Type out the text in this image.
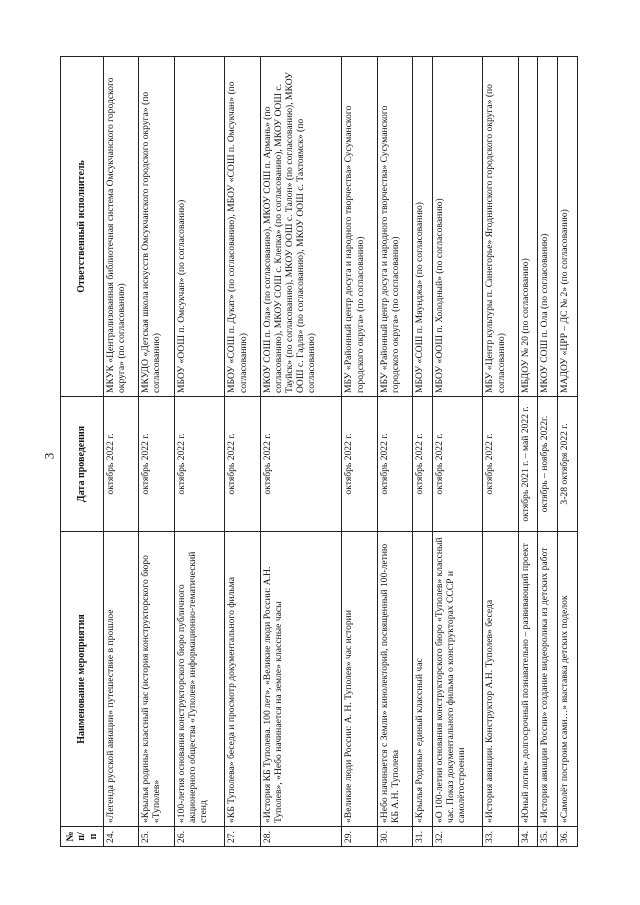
3
№ п/п	Наименование мероприятия	Дата проведения	Ответственный исполнитель
24.	«Легенда русской авиации» путешествие в прошлое	октябрь 2022 г.	МКУК «Централизованная библиотечная система Омсукчанского городского округа» (по согласованию)
25.	«Крылья родины» классный час (история конструкторского бюро «Туполев»	октябрь 2022 г.	МКУДО «Детская школа искусств Омсукчанского городского округа» (по согласованию)
26.	«100-летия основания конструкторского бюро публичного акционерного общества «Туполев» информационно-тематический стенд	октябрь 2022 г.	МБОУ «ООШ п. Омсукчан» (по согласованию)
27.	«КБ Туполева» беседа и просмотр документального фильма	октябрь 2022 г.	МБОУ «СОШ п. Дукат» (по согласованию), МБОУ «СОШ п. Омсукчан» (по согласованию)
28.	«История КБ Туполева. 100 лет», «Великие люди России: А.Н. Туполев», «Небо начинается на земле» классные часы	октябрь 2022 г.	МКОУ СОШ п. Ола» (по согласованию), МКОУ СОШ п. Армань» (по согласованию), МКОУ СОШ с. Клепка» (по согласованию), МКОУ ООШ с. Тауйск» (по согласованию), МКОУ ООШ с. Талон» (по согласованию), МКОУ ООШ с. Гадля» (по согласованию), МКОУ ООШ с. Тахтоямск» (по согласованию)
29.	«Великие люди России: А. Н. Туполев» час истории	октябрь 2022 г.	МБУ «Районный центр досуга и народного творчества» Сусуманского городского округа» (по согласованию)
30.	«Небо начинается с Земли» кинолекторий, посвященный 100-летию КБ А.Н. Туполева	октябрь 2022 г.	МБУ «Районный центр досуга и народного творчества» Сусуманского городского округа» (по согласованию)
31.	«Крылья Родины» единый классный час	октябрь 2022 г.	МБОУ «СОШ п. Мяунджа» (по согласованию)
32.	«О 100-летии основания конструкторского бюро «Туполев» классный час. Показ документального фильма о конструкторах СССР и самолётостроении	октябрь 2022 г.	МБОУ «ООШ п. Холодный» (по согласованию)
33.	«История авиации. Конструктор А.Н. Туполев» беседа	октябрь 2022 г.	МБУ «Центр культуры п. Синегорье» Ягоднинского городского округа» (по согласованию)
34.	«Юный логик» долгосрочный познавательно – развивающий проект	октябрь 2021 г. – май 2022 г.	МБДОУ № 20 (по согласованию)
35.	«История авиации России» создание видеоролика из детских работ	октябрь – ноябрь 2022г.	МКОУ СОШ п. Ола (по согласованию)
36.	«Самолёт построим сами…» выставка детских поделок	3-28 октября 2022 г.	МАДОУ «ЦРР – ДС № 2» (по согласованию)
